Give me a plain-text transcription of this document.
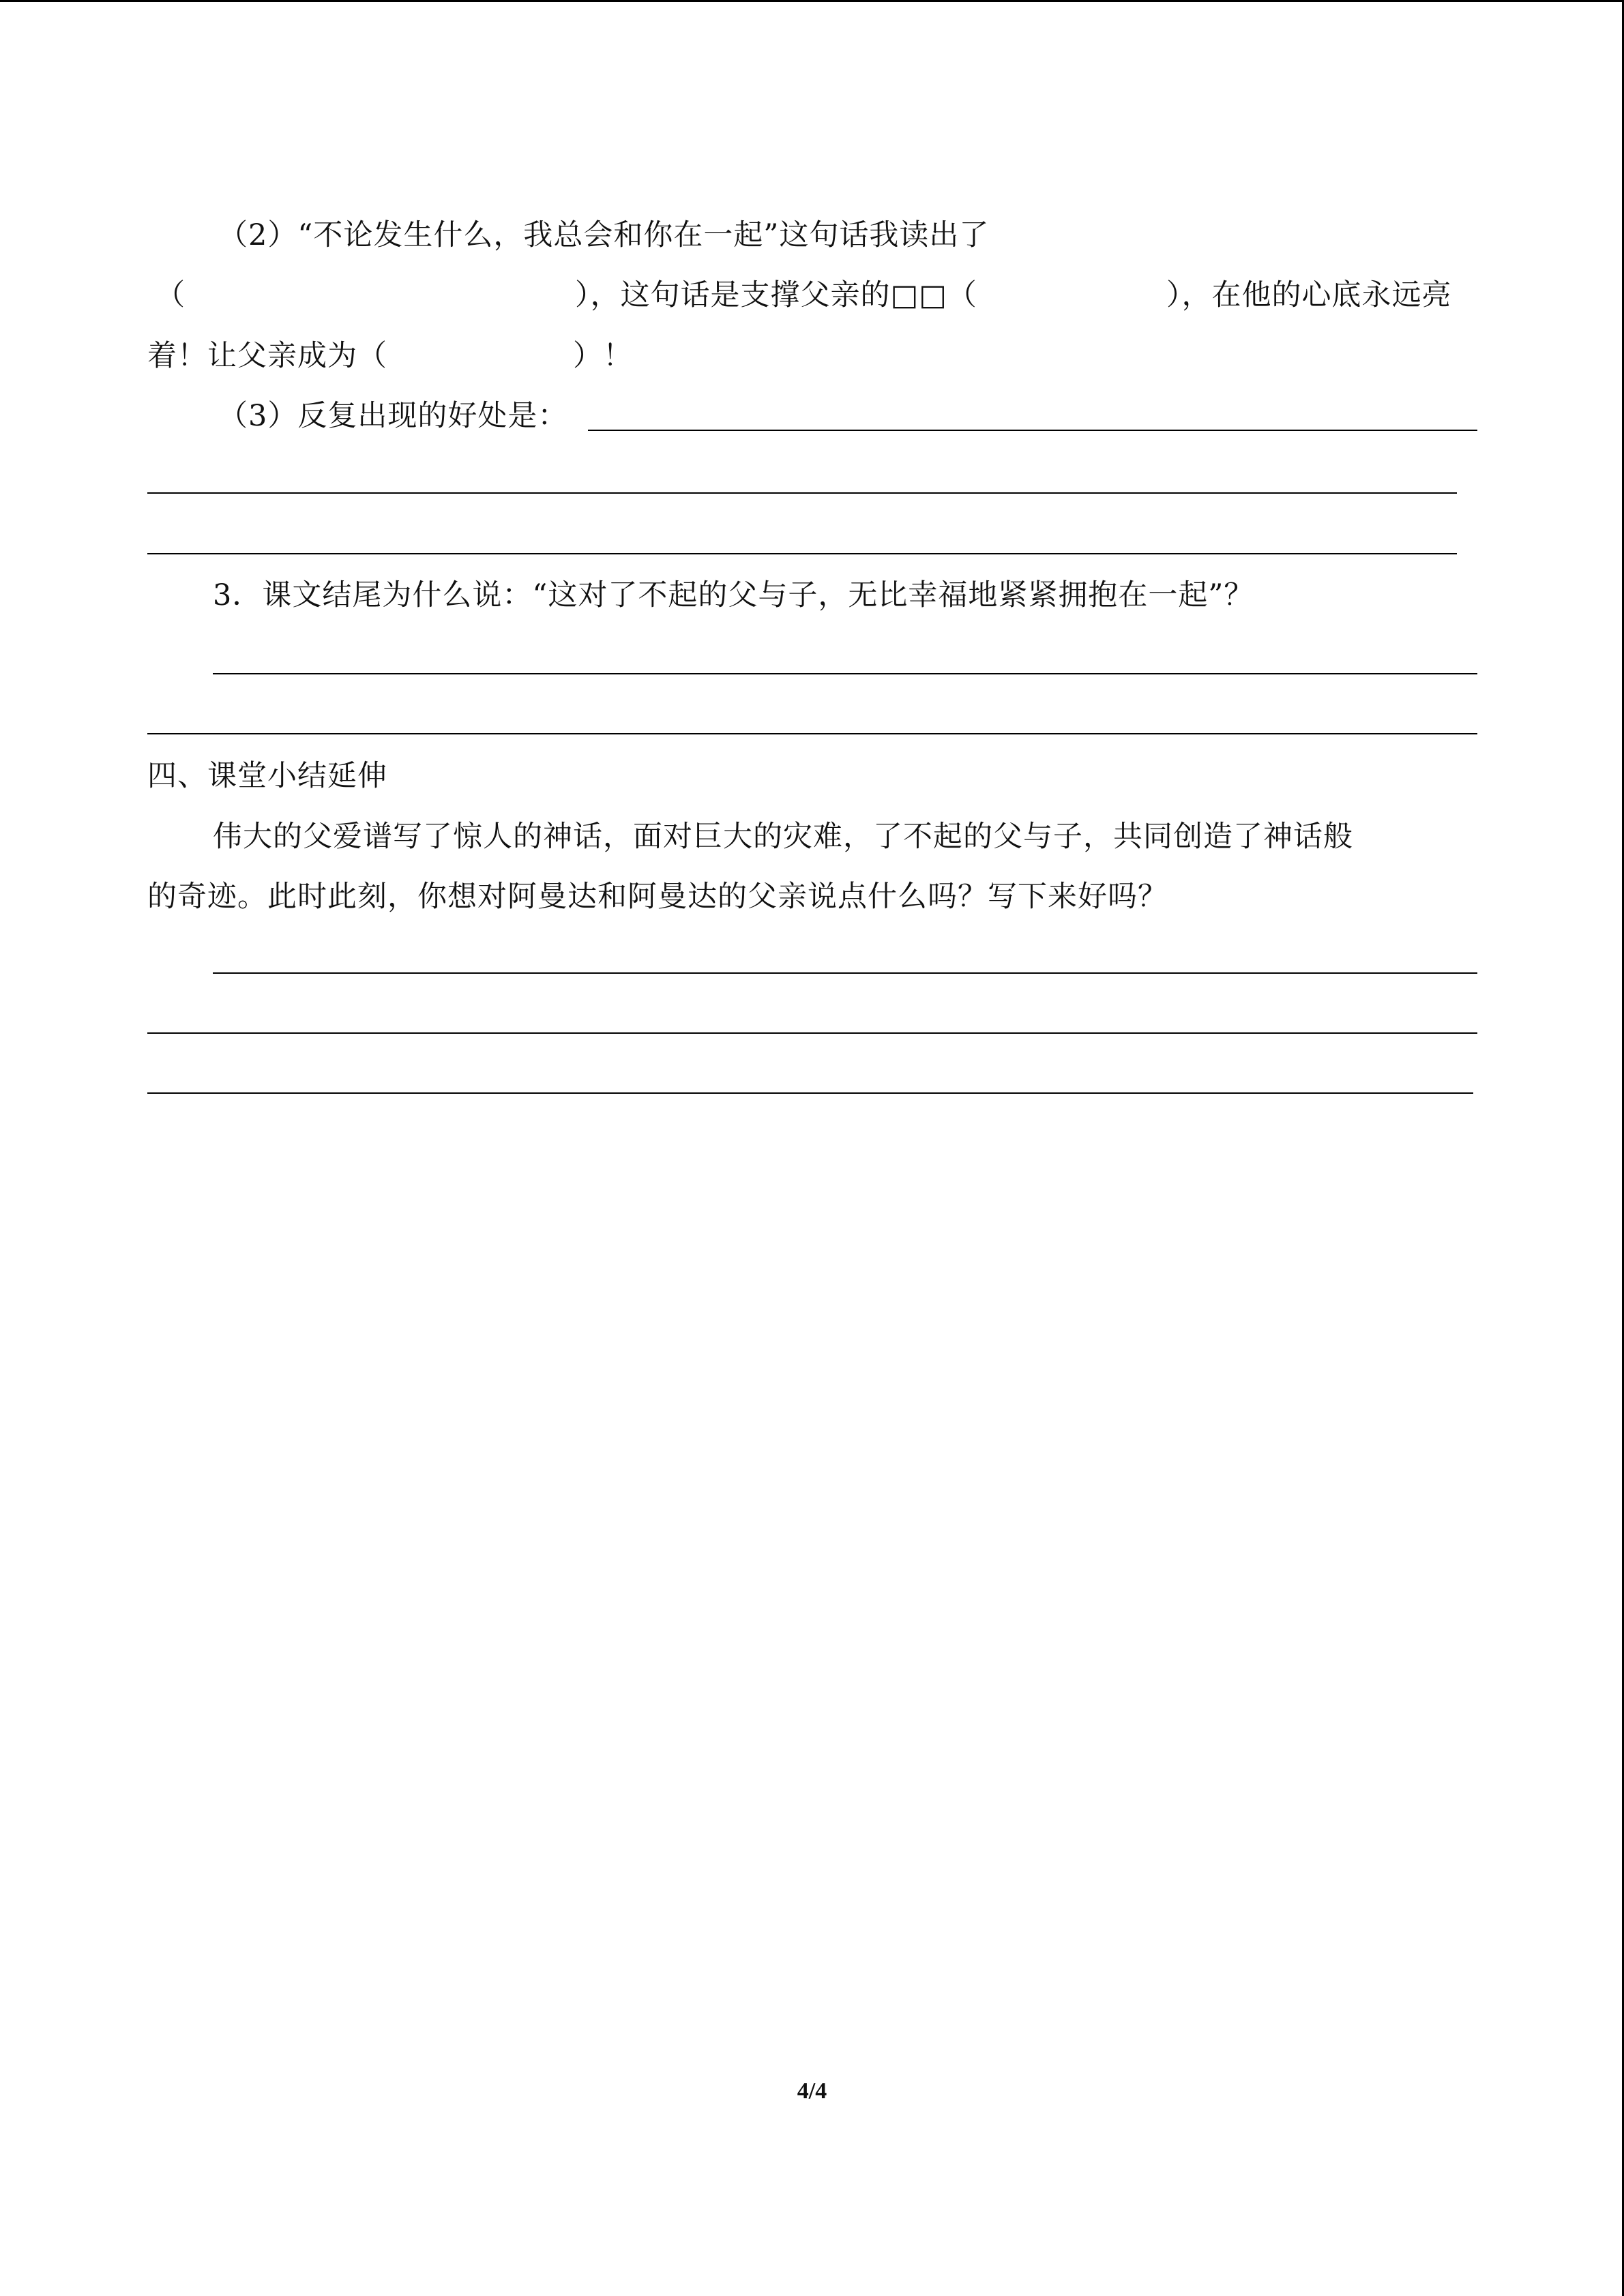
（2）“不论发生什么，我总会和你在一起”这句话我读出了
（	），这句话是支撑父亲的□□（	），在他的心底永远亮
着！让父亲成为（	）！
（3）反复出现的好处是：
3．课文结尾为什么说：“这对了不起的父与子，无比幸福地紧紧拥抱在一起”？
四、课堂小结延伸
伟大的父爱谱写了惊人的神话，面对巨大的灾难，了不起的父与子，共同创造了神话般
的奇迹。此时此刻，你想对阿曼达和阿曼达的父亲说点什么吗？写下来好吗？
4/4
